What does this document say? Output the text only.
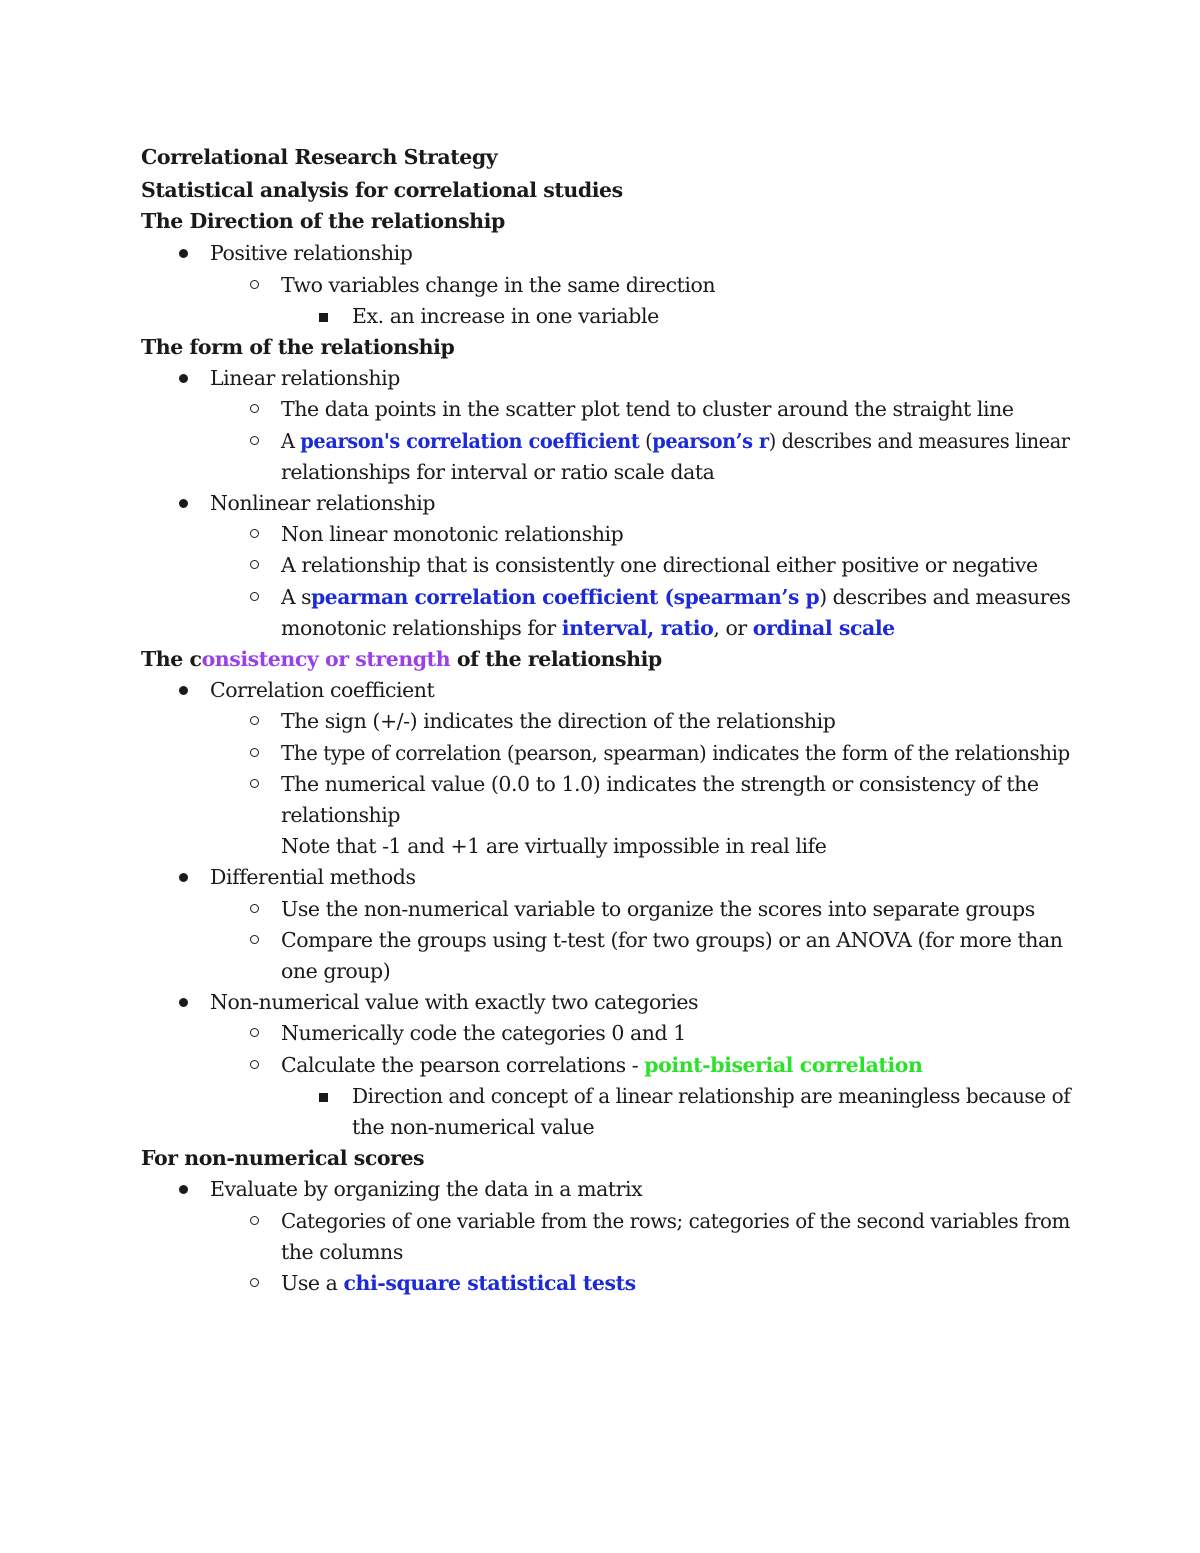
Correlational Research Strategy
Statistical analysis for correlational studies
The Direction of the relationship
Positive relationship
Two variables change in the same direction
Ex. an increase in one variable
The form of the relationship
Linear relationship
The data points in the scatter plot tend to cluster around the straight line
A pearson's correlation coefficient (pearson’s r) describes and measures linear
relationships for interval or ratio scale data
Nonlinear relationship
Non linear monotonic relationship
A relationship that is consistently one directional either positive or negative
A spearman correlation coefficient (spearman’s p) describes and measures
monotonic relationships for interval, ratio, or ordinal scale
The consistency or strength of the relationship
Correlation coefficient
The sign (+/-) indicates the direction of the relationship
The type of correlation (pearson, spearman) indicates the form of the relationship
The numerical value (0.0 to 1.0) indicates the strength or consistency of the
relationship
Note that -1 and +1 are virtually impossible in real life
Differential methods
Use the non-numerical variable to organize the scores into separate groups
Compare the groups using t-test (for two groups) or an ANOVA (for more than
one group)
Non-numerical value with exactly two categories
Numerically code the categories 0 and 1
Calculate the pearson correlations - point-biserial correlation
Direction and concept of a linear relationship are meaningless because of
the non-numerical value
For non-numerical scores
Evaluate by organizing the data in a matrix
Categories of one variable from the rows; categories of the second variables from
the columns
Use a chi-square statistical tests
